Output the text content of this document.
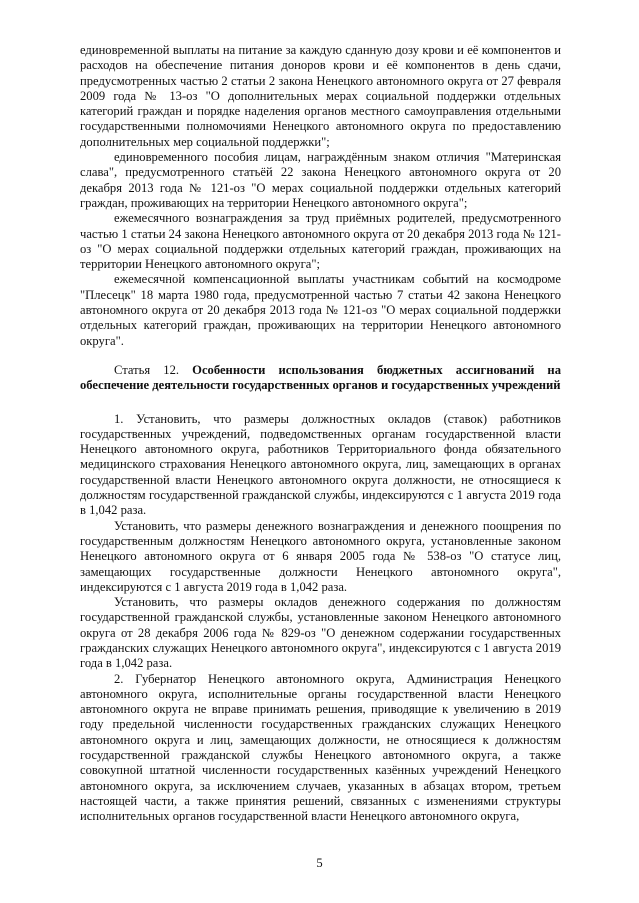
единовременной выплаты на питание за каждую сданную дозу крови и её компонентов и расходов на обеспечение питания доноров крови и её компонентов в день сдачи, предусмотренных частью 2 статьи 2 закона Ненецкого автономного округа от 27 февраля 2009 года № 13-оз "О дополнительных мерах социальной поддержки отдельных категорий граждан и порядке наделения органов местного самоуправления отдельными государственными полномочиями Ненецкого автономного округа по предоставлению дополнительных мер социальной поддержки";

единовременного пособия лицам, награждённым знаком отличия "Материнская слава", предусмотренного статьёй 22 закона Ненецкого автономного округа от 20 декабря 2013 года № 121-оз "О мерах социальной поддержки отдельных категорий граждан, проживающих на территории Ненецкого автономного округа";

ежемесячного вознаграждения за труд приёмных родителей, предусмотренного частью 1 статьи 24 закона Ненецкого автономного округа от 20 декабря 2013 года № 121-оз "О мерах социальной поддержки отдельных категорий граждан, проживающих на территории Ненецкого автономного округа";

ежемесячной компенсационной выплаты участникам событий на космодроме "Плесецк" 18 марта 1980 года, предусмотренной частью 7 статьи 42 закона Ненецкого автономного округа от 20 декабря 2013 года № 121-оз "О мерах социальной поддержки отдельных категорий граждан, проживающих на территории Ненецкого автономного округа".

Статья 12. Особенности использования бюджетных ассигнований на обеспечение деятельности государственных органов и государственных учреждений

1. Установить, что размеры должностных окладов (ставок) работников государственных учреждений, подведомственных органам государственной власти Ненецкого автономного округа, работников Территориального фонда обязательного медицинского страхования Ненецкого автономного округа, лиц, замещающих в органах государственной власти Ненецкого автономного округа должности, не относящиеся к должностям государственной гражданской службы, индексируются с 1 августа 2019 года в 1,042 раза.

Установить, что размеры денежного вознаграждения и денежного поощрения по государственным должностям Ненецкого автономного округа, установленные законом Ненецкого автономного округа от 6 января 2005 года № 538-оз "О статусе лиц, замещающих государственные должности Ненецкого автономного округа", индексируются с 1 августа 2019 года в 1,042 раза.

Установить, что размеры окладов денежного содержания по должностям государственной гражданской службы, установленные законом Ненецкого автономного округа от 28 декабря 2006 года № 829-оз "О денежном содержании государственных гражданских служащих Ненецкого автономного округа", индексируются с 1 августа 2019 года в 1,042 раза.

2. Губернатор Ненецкого автономного округа, Администрация Ненецкого автономного округа, исполнительные органы государственной власти Ненецкого автономного округа не вправе принимать решения, приводящие к увеличению в 2019 году предельной численности государственных гражданских служащих Ненецкого автономного округа и лиц, замещающих должности, не относящиеся к должностям государственной гражданской службы Ненецкого автономного округа, а также совокупной штатной численности государственных казённых учреждений Ненецкого автономного округа, за исключением случаев, указанных в абзацах втором, третьем настоящей части, а также принятия решений, связанных с изменениями структуры исполнительных органов государственной власти Ненецкого автономного округа,

5
